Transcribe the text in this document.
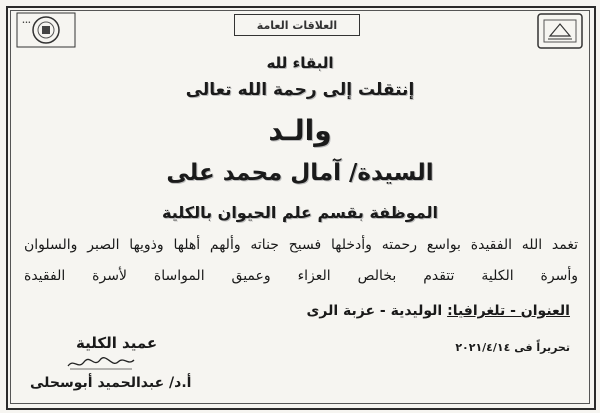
•••	العلاقات العامة
البقاء لله
إنتقلت إلى رحمة الله تعالى
والـد
السيدة/ آمال محمد على
الموظفة بقسم علم الحيوان بالكلية
تغمد الله الفقيدة بواسع رحمته وأدخلها فسيح جناته وألهم أهلها وذويها الصبر والسلوان
وأسرة الكلية تتقدم بخالص العزاء وعميق المواساة لأسرة الفقيدة
العنوان - تلغرافيا: الوليدية - عزبة الرى
تحريراً فى ٢٠٢١/٤/١٤
عميد الكلية
أ.د/ عبدالحميد أبوسحلى
